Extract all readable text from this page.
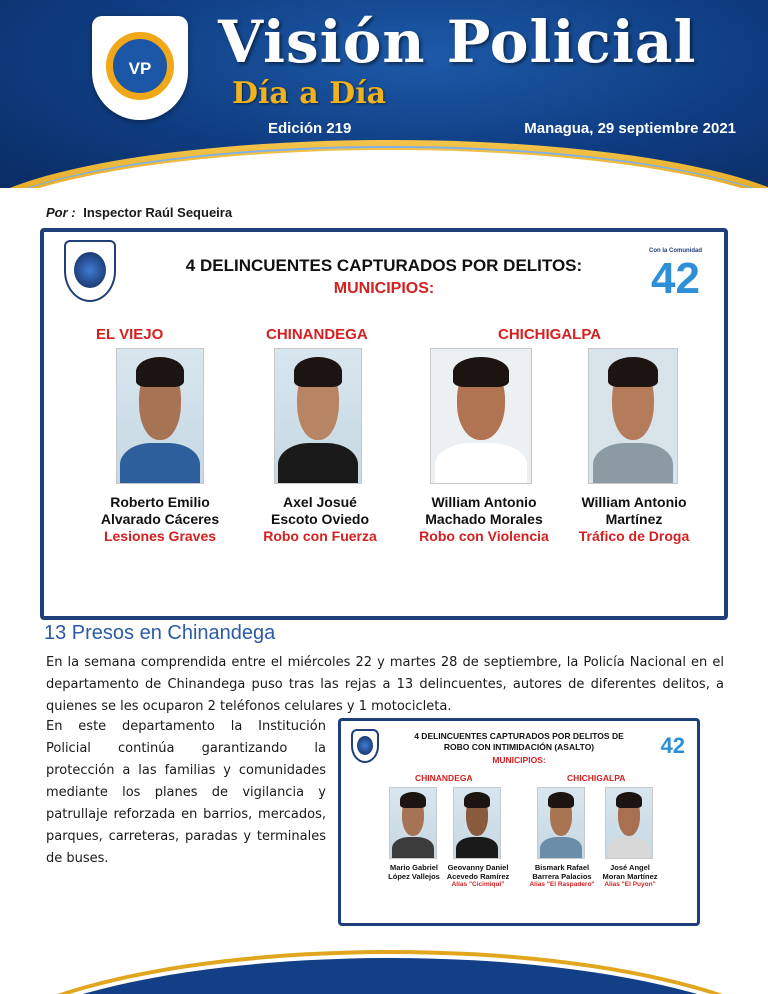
VP Visión Policial
Día a Día
Edición 219	Managua, 29 septiembre 2021
Por : Inspector Raúl Sequeira
Con la Comunidad
42
4 DELINCUENTES CAPTURADOS POR DELITOS:
MUNICIPIOS:
EL VIEJO	CHINANDEGA	CHICHIGALPA
Roberto Emilio
Alvarado Cáceres
Lesiones Graves
Axel Josué
Escoto Oviedo
Robo con Fuerza
William Antonio
Machado Morales
Robo con Violencia
William Antonio
Martínez
Tráfico de Droga
13 Presos en Chinandega

En la semana comprendida entre el miércoles 22 y martes 28 de septiembre, la Policía Nacional en el departamento de Chinandega puso tras las rejas a 13 delincuentes, autores de diferentes delitos, a quienes se les ocuparon 2 teléfonos celulares y 1 motocicleta.

En este departamento la Institución Policial continúa garantizando la protección a las familias y comunidades mediante los planes de vigilancia y patrullaje reforzada en barrios, mercados, parques, carreteras, paradas y terminales de buses.

42
4 DELINCUENTES CAPTURADOS POR DELITOS DE
ROBO CON INTIMIDACIÓN (ASALTO)
MUNICIPIOS:
CHINANDEGA	CHICHIGALPA
Mario Gabriel
López Vallejos
Geovanny Daniel
Acevedo Ramírez
Alias "Cicimiqui"
Bismark Rafael
Barrera Palacios
Alias "El Raspadero"
José Angel
Moran Martínez
Alias "El Puyon"
